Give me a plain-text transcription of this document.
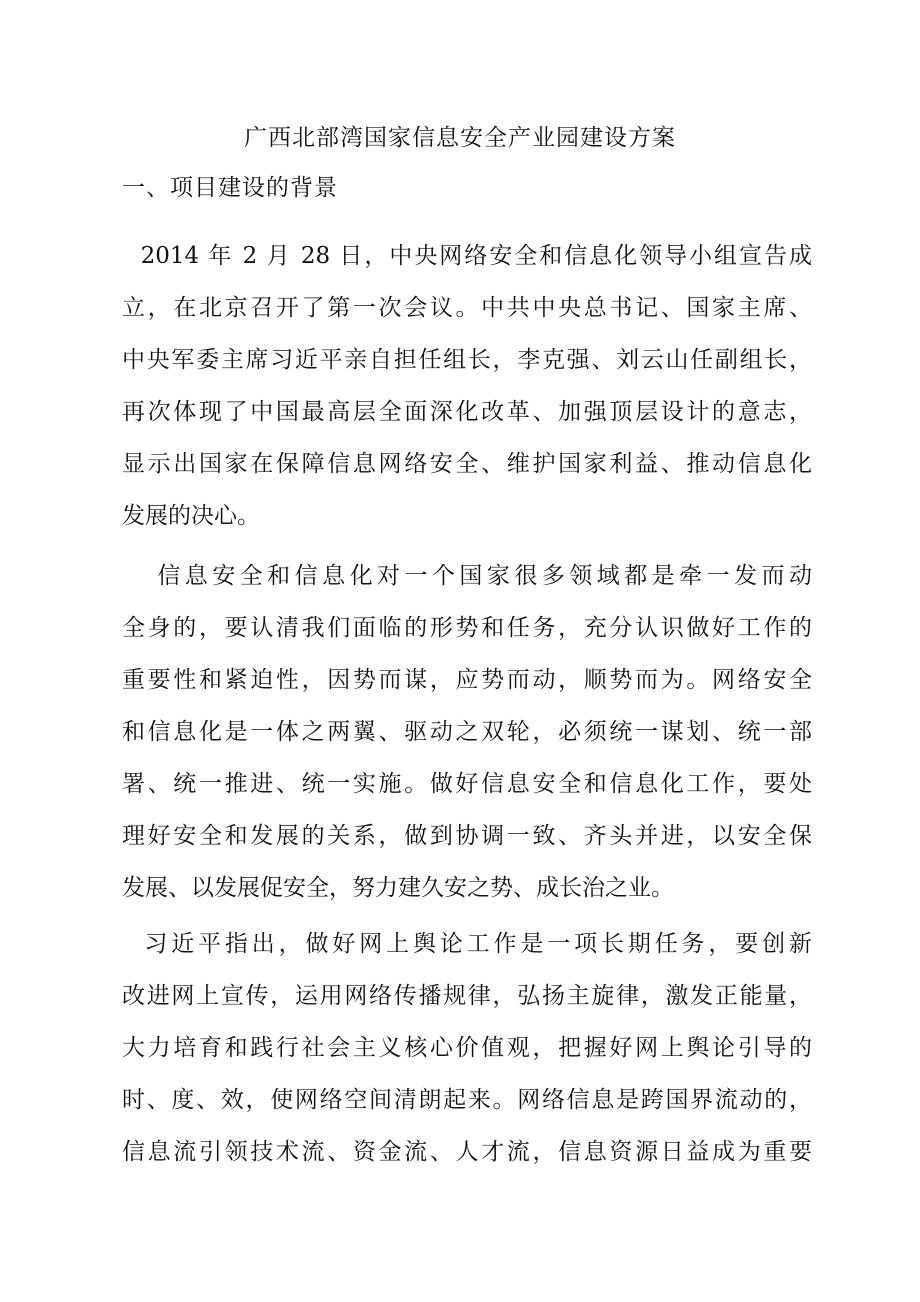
广西北部湾国家信息安全产业园建设方案
一、项目建设的背景
2014 年 2 月 28 日，中央网络安全和信息化领导小组宣告成
立，在北京召开了第一次会议。中共中央总书记、国家主席、
中央军委主席习近平亲自担任组长，李克强、刘云山任副组长，
再次体现了中国最高层全面深化改革、加强顶层设计的意志，
显示出国家在保障信息网络安全、维护国家利益、推动信息化
发展的决心。
信息安全和信息化对一个国家很多领域都是牵一发而动
全身的，要认清我们面临的形势和任务，充分认识做好工作的
重要性和紧迫性，因势而谋，应势而动，顺势而为。网络安全
和信息化是一体之两翼、驱动之双轮，必须统一谋划、统一部
署、统一推进、统一实施。做好信息安全和信息化工作，要处
理好安全和发展的关系，做到协调一致、齐头并进，以安全保
发展、以发展促安全，努力建久安之势、成长治之业。
习近平指出，做好网上舆论工作是一项长期任务，要创新
改进网上宣传，运用网络传播规律，弘扬主旋律，激发正能量，
大力培育和践行社会主义核心价值观，把握好网上舆论引导的
时、度、效，使网络空间清朗起来。网络信息是跨国界流动的，
信息流引领技术流、资金流、人才流，信息资源日益成为重要
